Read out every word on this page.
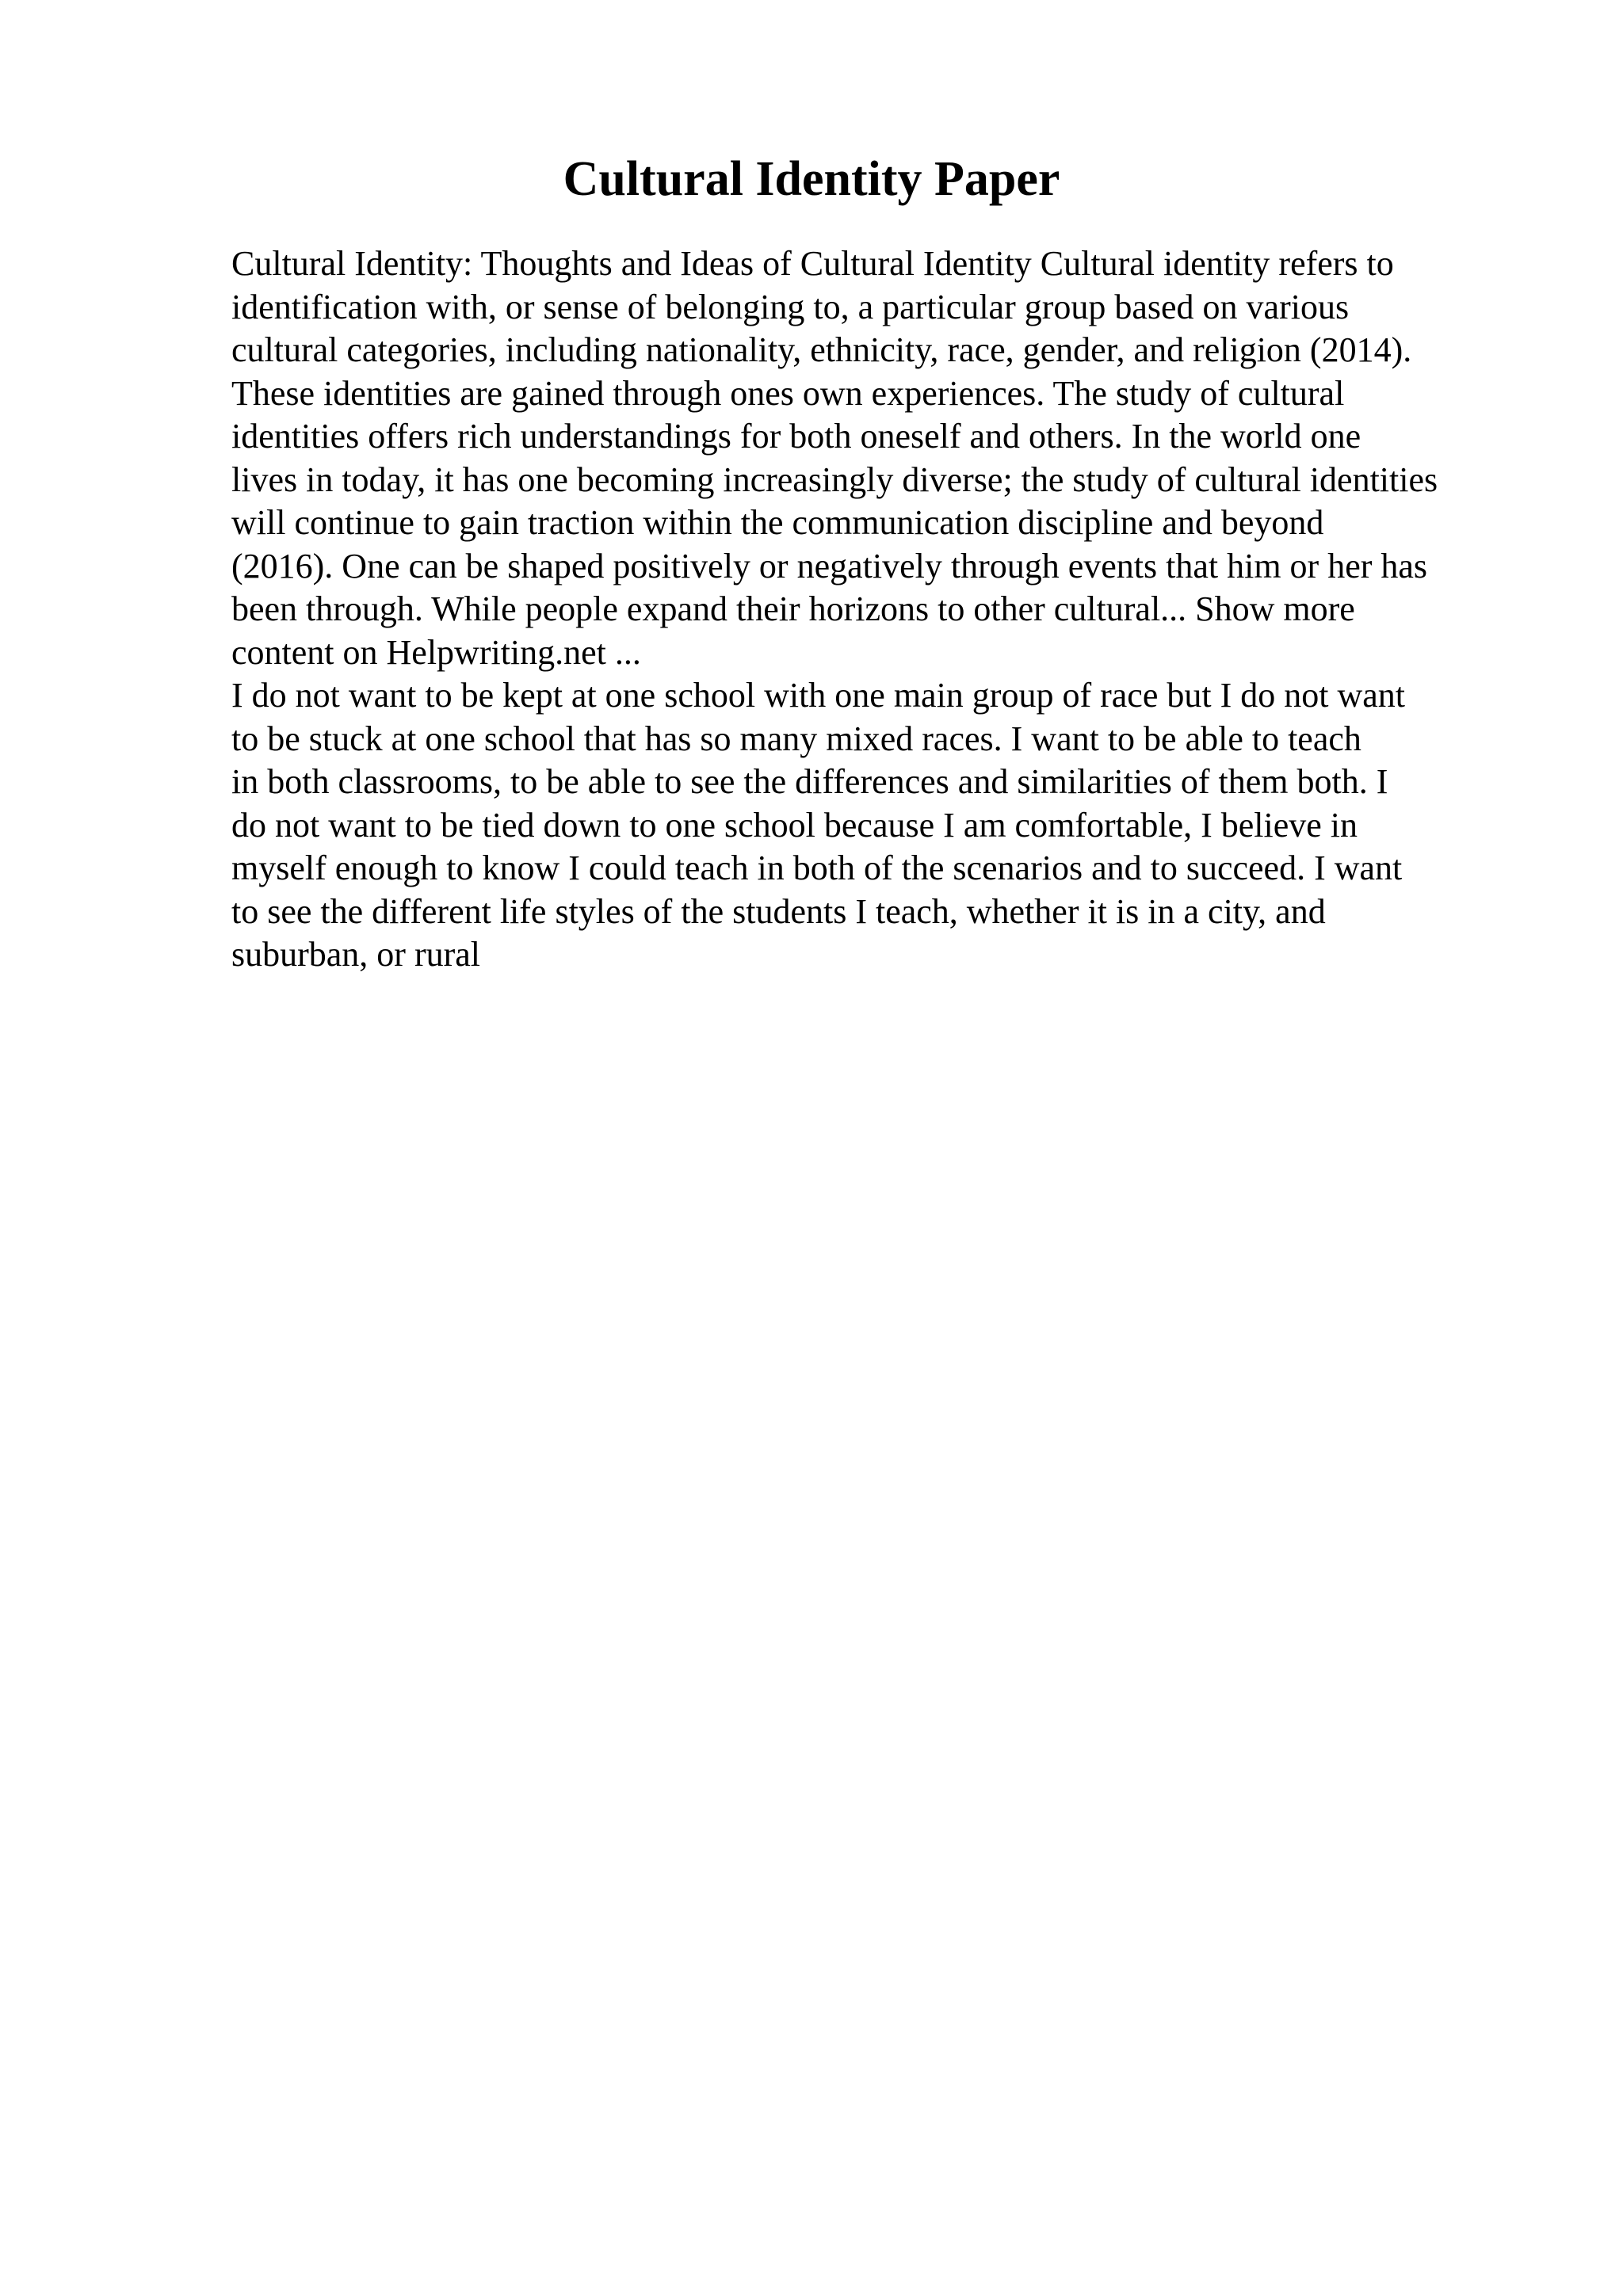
Cultural Identity Paper

Cultural Identity: Thoughts and Ideas of Cultural Identity Cultural identity refers to
identification with, or sense of belonging to, a particular group based on various
cultural categories, including nationality, ethnicity, race, gender, and religion (2014).
These identities are gained through ones own experiences. The study of cultural
identities offers rich understandings for both oneself and others. In the world one
lives in today, it has one becoming increasingly diverse; the study of cultural identities
will continue to gain traction within the communication discipline and beyond
(2016). One can be shaped positively or negatively through events that him or her has
been through. While people expand their horizons to other cultural... Show more
content on Helpwriting.net ...

I do not want to be kept at one school with one main group of race but I do not want
to be stuck at one school that has so many mixed races. I want to be able to teach
in both classrooms, to be able to see the differences and similarities of them both. I
do not want to be tied down to one school because I am comfortable, I believe in
myself enough to know I could teach in both of the scenarios and to succeed. I want
to see the different life styles of the students I teach, whether it is in a city, and
suburban, or rural
